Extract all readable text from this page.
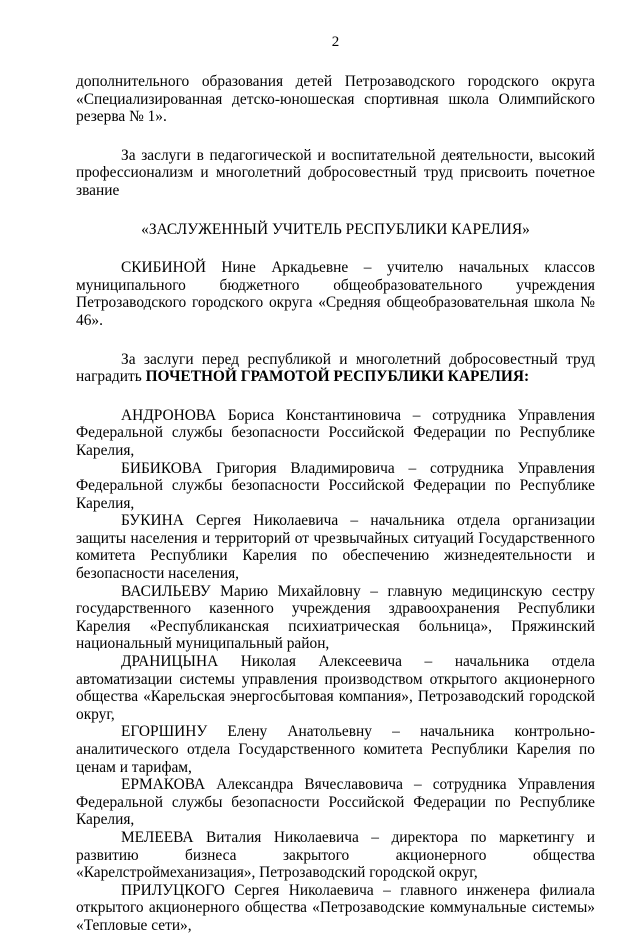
2

дополнительного образования детей Петрозаводского городского округа «Специализированная детско-юношеская спортивная школа Олимпийского резерва № 1».

За заслуги в педагогической и воспитательной деятельности, высокий профессионализм и многолетний добросовестный труд присвоить почетное звание

«ЗАСЛУЖЕННЫЙ УЧИТЕЛЬ РЕСПУБЛИКИ КАРЕЛИЯ»

СКИБИНОЙ Нине Аркадьевне – учителю начальных классов муниципального бюджетного общеобразовательного учреждения Петрозаводского городского округа «Средняя общеобразовательная школа № 46».

За заслуги перед республикой и многолетний добросовестный труд наградить ПОЧЕТНОЙ ГРАМОТОЙ РЕСПУБЛИКИ КАРЕЛИЯ:

АНДРОНОВА Бориса Константиновича – сотрудника Управления Федеральной службы безопасности Российской Федерации по Республике Карелия,

БИБИКОВА Григория Владимировича – сотрудника Управления Федеральной службы безопасности Российской Федерации по Республике Карелия,

БУКИНА Сергея Николаевича – начальника отдела организации защиты населения и территорий от чрезвычайных ситуаций Государственного комитета Республики Карелия по обеспечению жизнедеятельности и безопасности населения,

ВАСИЛЬЕВУ Марию Михайловну – главную медицинскую сестру государственного казенного учреждения здравоохранения Республики Карелия «Республиканская психиатрическая больница», Пряжинский национальный муниципальный район,

ДРАНИЦЫНА Николая Алексеевича – начальника отдела автоматизации системы управления производством открытого акционерного общества «Карельская энергосбытовая компания», Петрозаводский городской округ,

ЕГОРШИНУ Елену Анатольевну – начальника контрольно-аналитического отдела Государственного комитета Республики Карелия по ценам и тарифам,

ЕРМАКОВА Александра Вячеславовича – сотрудника Управления Федеральной службы безопасности Российской Федерации по Республике Карелия,

МЕЛЕЕВА Виталия Николаевича – директора по маркетингу и развитию бизнеса закрытого акционерного общества «Карелстроймеханизация», Петрозаводский городской округ,

ПРИЛУЦКОГО Сергея Николаевича – главного инженера филиала открытого акционерного общества «Петрозаводские коммунальные системы» «Тепловые сети»,
